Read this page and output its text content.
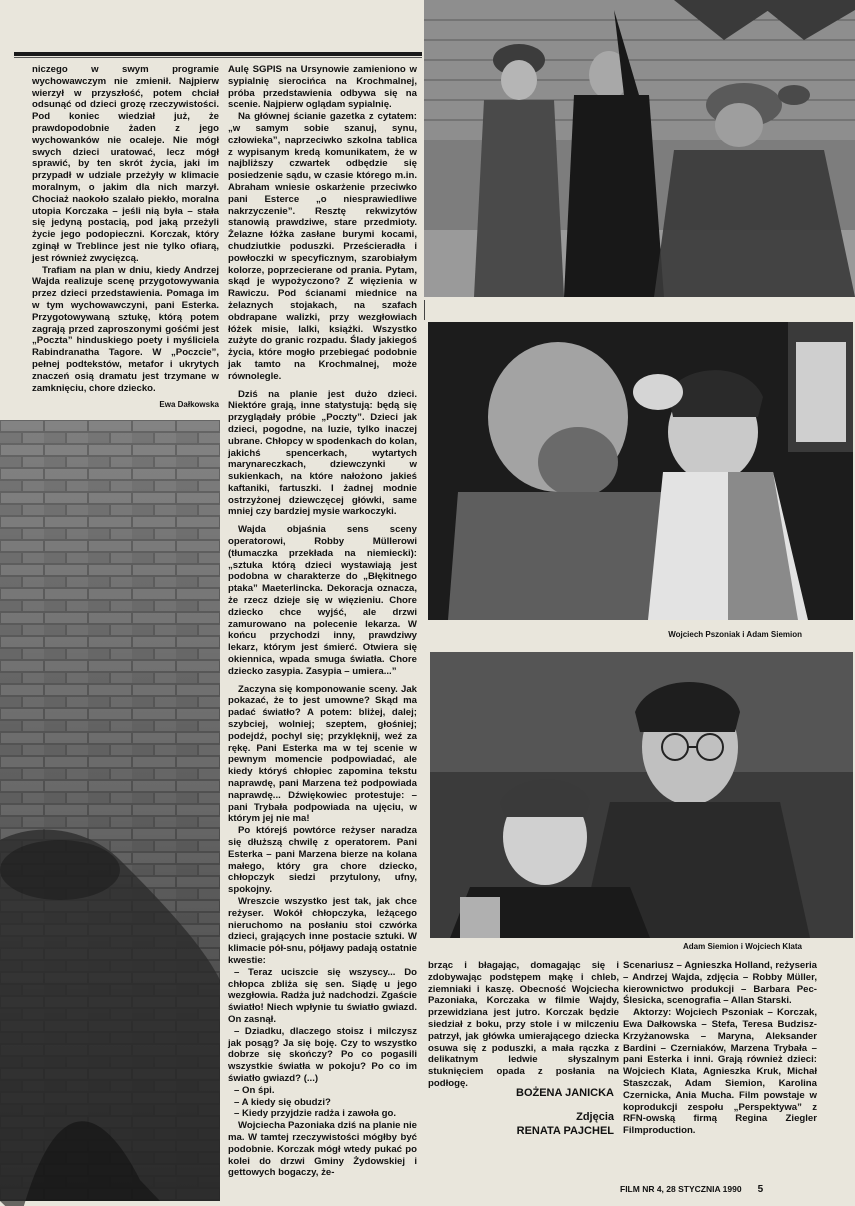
niczego w swym programie wychowawczym nie zmienił. Najpierw wierzył w przyszłość, potem chciał odsunąć od dzieci grozę rzeczywistości. Pod koniec wiedział już, że prawdopodobnie żaden z jego wychowanków nie ocaleje. Nie mógł swych dzieci uratować, lecz mógł sprawić, by ten skrót życia, jaki im przypadł w udziale przeżyły w klimacie moralnym, o jakim dla nich marzył. Chociaż naokoło szalało piekło, moralna utopia Korczaka – jeśli nią była – stała się jedyną postacią, pod jaką przeżyli życie jego podopieczni. Korczak, który zginął w Treblince jest nie tylko ofiarą, jest również zwycięzcą.

Trafiam na plan w dniu, kiedy Andrzej Wajda realizuje scenę przygotowywania przez dzieci przedstawienia. Pomaga im w tym wychowawczyni, pani Esterka. Przygotowywaną sztukę, którą potem zagrają przed zaproszonymi gośćmi jest „Poczta” hinduskiego poety i myśliciela Rabindranatha Tagore. W „Poczcie”, pełnej podtekstów, metafor i ukrytych znaczeń osią dramatu jest trzymane w zamknięciu, chore dziecko.

Ewa Dałkowska

Aulę SGPIS na Ursynowie zamieniono w sypialnię sierocińca na Krochmalnej, próba przedstawienia odbywa się na scenie. Najpierw oglądam sypialnię.

Na głównej ścianie gazetka z cytatem: „w samym sobie szanuj, synu, człowieka”, naprzeciwko szkolna tablica z wypisanym kredą komunikatem, że w najbliższy czwartek odbędzie się posiedzenie sądu, w czasie którego m.in. Abraham wniesie oskarżenie przeciwko pani Esterce „o niesprawiedliwe nakrzyczenie”. Resztę rekwizytów stanowią prawdziwe, stare przedmioty. Żelazne łóżka zasłane burymi kocami, chudziutkie poduszki. Prześcieradła i powłoczki w specyficznym, szarobiałym kolorze, poprzecierane od prania. Pytam, skąd je wypożyczono? Z więzienia w Rawiczu. Pod ścianami miednice na żelaznych stojakach, na szafach obdrapane walizki, przy wezgłowiach łóżek misie, lalki, książki. Wszystko zużyte do granic rozpadu. Ślady jakiegoś życia, które mogło przebiegać podobnie jak tamto na Krochmalnej, może równolegle.

Dziś na planie jest dużo dzieci. Niektóre grają, inne statystują: będą się przyglądały próbie „Poczty”. Dzieci jak dzieci, pogodne, na luzie, tylko inaczej ubrane. Chłopcy w spodenkach do kolan, jakichś spencerkach, wytartych marynareczkach, dziewczynki w sukienkach, na które nałożono jakieś kaftaniki, fartuszki. I żadnej modnie ostrzyżonej dziewczęcej główki, same mniej czy bardziej mysie warkoczyki.

Wajda objaśnia sens sceny operatorowi, Robby Müllerowi (tłumaczka przekłada na niemiecki): „sztuka którą dzieci wystawiają jest podobna w charakterze do „Błękitnego ptaka” Maeterlincka. Dekoracja oznacza, że rzecz dzieje się w więzieniu. Chore dziecko chce wyjść, ale drzwi zamurowano na polecenie lekarza. W końcu przychodzi inny, prawdziwy lekarz, którym jest śmierć. Otwiera się okiennica, wpada smuga światła. Chore dziecko zasypia. Zasypia – umiera...”

Zaczyna się komponowanie sceny. Jak pokazać, że to jest umowne? Skąd ma padać światło? A potem: bliżej, dalej; szybciej, wolniej; szeptem, głośniej; podejdź, pochyl się; przyklęknij, weź za rękę. Pani Esterka ma w tej scenie w pewnym momencie podpowiadać, ale kiedy któryś chłopiec zapomina tekstu naprawdę, pani Marzena też podpowiada naprawdę... Dźwiękowiec protestuje: – pani Trybała podpowiada na ujęciu, w którym jej nie ma!

Po którejś powtórce reżyser naradza się dłuższą chwilę z operatorem. Pani Esterka – pani Marzena bierze na kolana małego, który gra chore dziecko, chłopczyk siedzi przytulony, ufny, spokojny.

Wreszcie wszystko jest tak, jak chce reżyser. Wokół chłopczyka, leżącego nieruchomo na posłaniu stoi czwórka dzieci, grających inne postacie sztuki. W klimacie pół-snu, półjawy padają ostatnie kwestie:

– Teraz uciszcie się wszyscy... Do chłopca zbliża się sen. Siądę u jego wezgłowia. Radża już nadchodzi. Zgaście światło! Niech wpłynie tu światło gwiazd. On zasnął.

– Dziadku, dlaczego stoisz i milczysz jak posąg? Ja się boję. Czy to wszystko dobrze się skończy? Po co pogasili wszystkie światła w pokoju? Po co im światło gwiazd? (...)

– On śpi.

– A kiedy się obudzi?

– Kiedy przyjdzie radża i zawoła go.

Wojciecha Pazoniaka dziś na planie nie ma. W tamtej rzeczywistości mógłby być podobnie. Korczak mógł wtedy pukać po kolei do drzwi Gminy Żydowskiej i gettowych bogaczy, że-

Wojciech Pszoniak i Adam Siemion
Adam Siemion i Wojciech Klata

brząc i błagając, domagając się i zdobywając podstępem mąkę i chleb, ziemniaki i kaszę. Obecność Wojciecha Pazoniaka, Korczaka w filmie Wajdy, przewidziana jest jutro. Korczak będzie siedział z boku, przy stole i w milczeniu patrzył, jak główka umierającego dziecka osuwa się z poduszki, a mała rączka z delikatnym ledwie słyszalnym stuknięciem opada z posłania na podłogę.

BOŻENA JANICKA
Zdjęcia
RENATA PAJCHEL

Scenariusz – Agnieszka Holland, reżyseria – Andrzej Wajda, zdjęcia – Robby Müller, kierownictwo produkcji – Barbara Pec-Ślesicka, scenografia – Allan Starski.

Aktorzy: Wojciech Pszoniak – Korczak, Ewa Dałkowska – Stefa, Teresa Budzisz-Krzyżanowska – Maryna, Aleksander Bardini – Czerniaków, Marzena Trybała – pani Esterka i inni. Grają również dzieci: Wojciech Klata, Agnieszka Kruk, Michał Staszczak, Adam Siemion, Karolina Czernicka, Ania Mucha. Film powstaje w koprodukcji zespołu „Perspektywa” z RFN-owską firmą Regina Ziegler Filmproduction.

FILM NR 4, 28 STYCZNIA 1990 5
